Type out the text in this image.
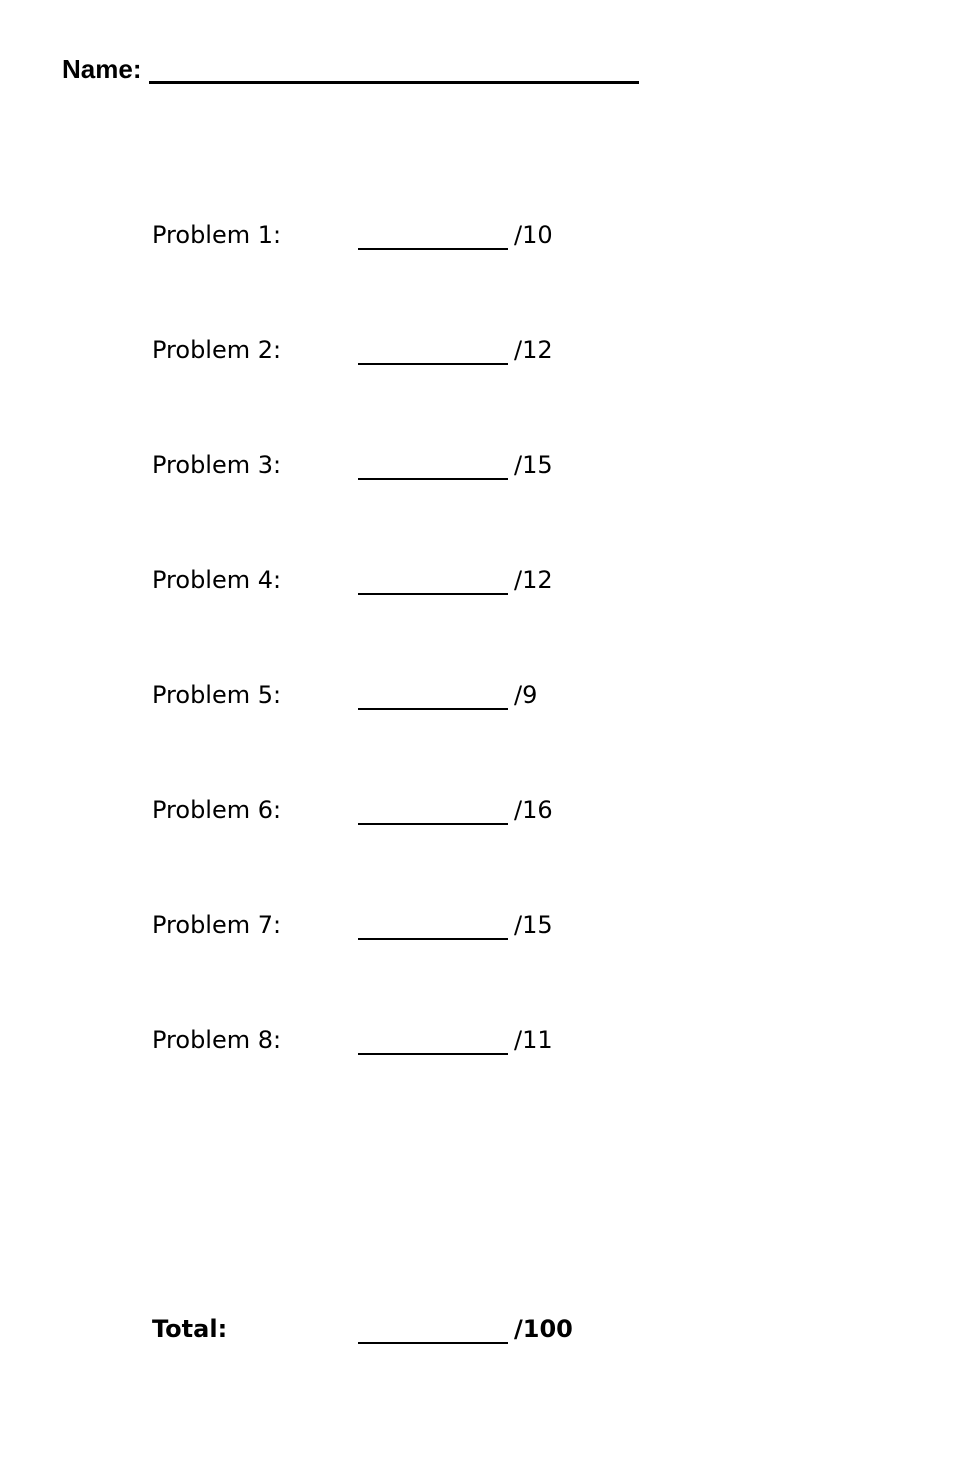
Name:
Problem 1:	/10
Problem 2:	/12
Problem 3:	/15
Problem 4:	/12
Problem 5:	/9
Problem 6:	/16
Problem 7:	/15
Problem 8:	/11
Total:	/100
